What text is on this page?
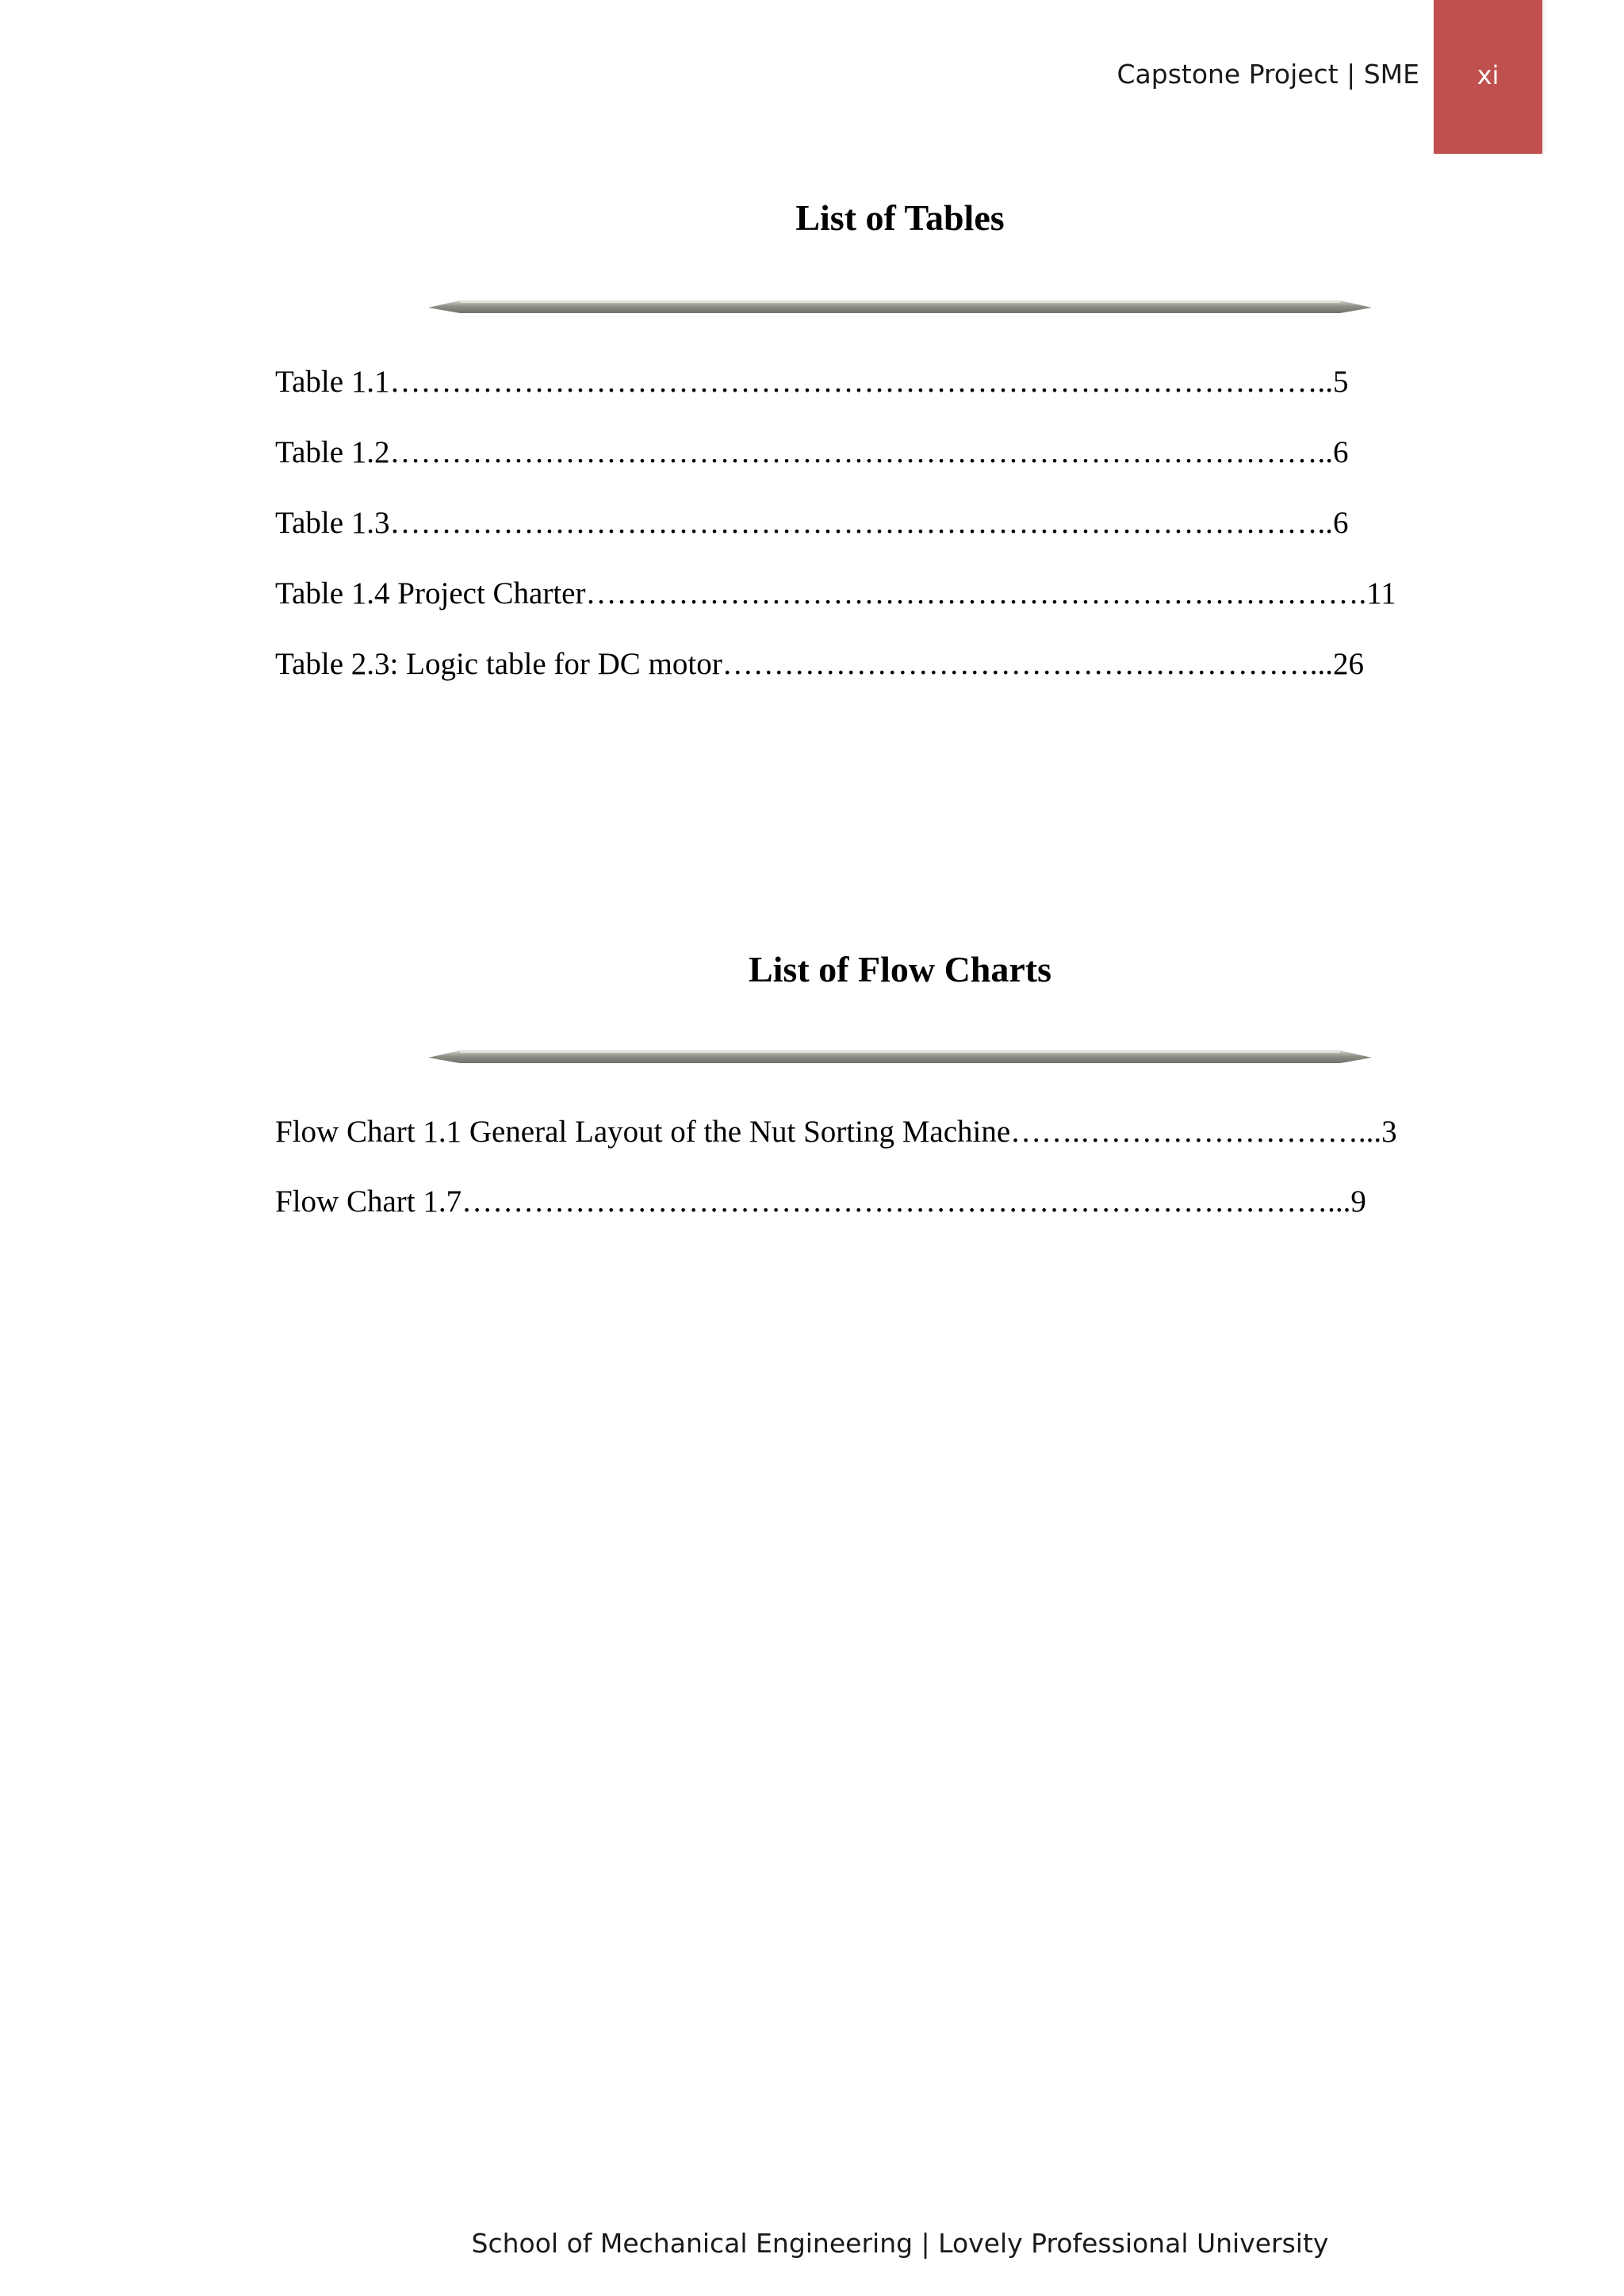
Capstone Project | SME	xi
List of Tables
Table 1.1………………………………………………………………………………..5
Table 1.2………………………………………………………………………………..6
Table 1.3………………………………………………………………………………..6
Table 1.4 Project Charter………………………………………………………………….11
Table 2.3: Logic table for DC motor…………………………………………………...26
List of Flow Charts
Flow Chart 1.1 General Layout of the Nut Sorting Machine…….………………………...3
Flow Chart 1.7…………………………………………………………………………...9
School of Mechanical Engineering | Lovely Professional University
